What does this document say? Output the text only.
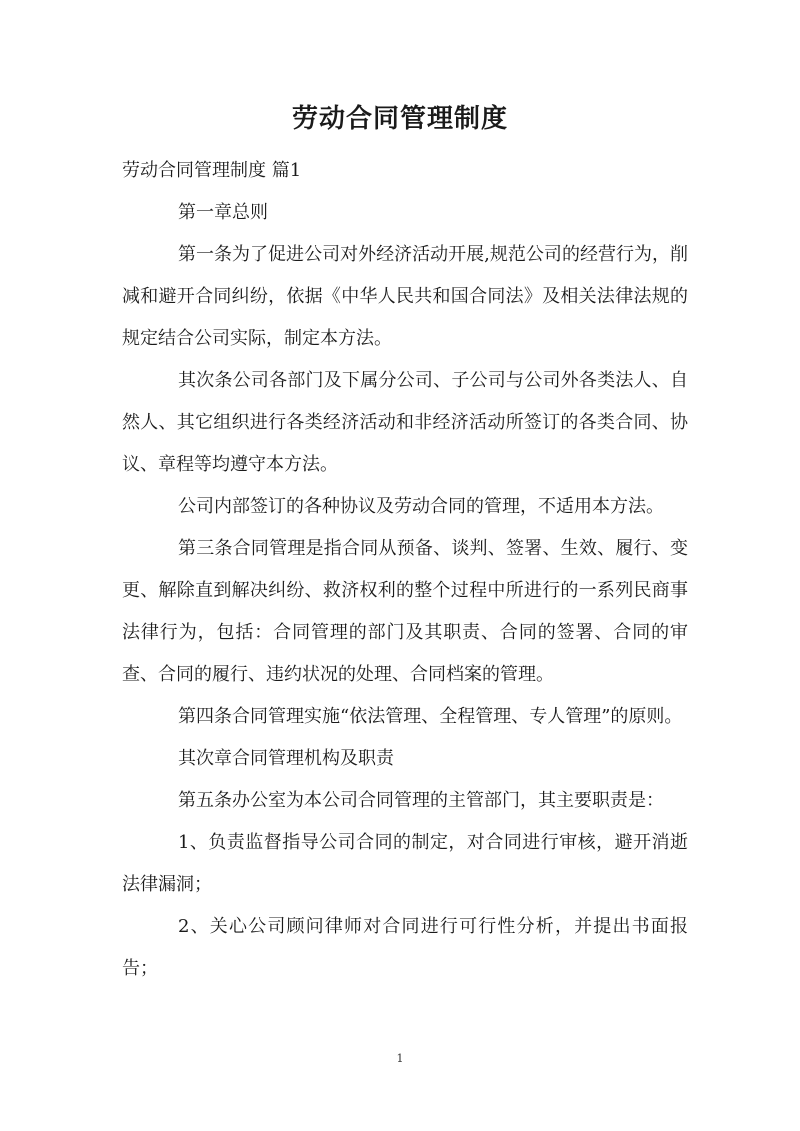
劳动合同管理制度

劳动合同管理制度 篇1

第一章总则

第一条为了促进公司对外经济活动开展,规范公司的经营行为，削减和避开合同纠纷，依据《中华人民共和国合同法》及相关法律法规的规定结合公司实际，制定本方法。

其次条公司各部门及下属分公司、子公司与公司外各类法人、自然人、其它组织进行各类经济活动和非经济活动所签订的各类合同、协议、章程等均遵守本方法。

公司内部签订的各种协议及劳动合同的管理，不适用本方法。

第三条合同管理是指合同从预备、谈判、签署、生效、履行、变更、解除直到解决纠纷、救济权利的整个过程中所进行的一系列民商事法律行为，包括：合同管理的部门及其职责、合同的签署、合同的审查、合同的履行、违约状况的处理、合同档案的管理。

第四条合同管理实施“依法管理、全程管理、专人管理”的原则。

其次章合同管理机构及职责

第五条办公室为本公司合同管理的主管部门，其主要职责是：

1、负责监督指导公司合同的制定，对合同进行审核，避开消逝法律漏洞；

2、关心公司顾问律师对合同进行可行性分析，并提出书面报告；

1
